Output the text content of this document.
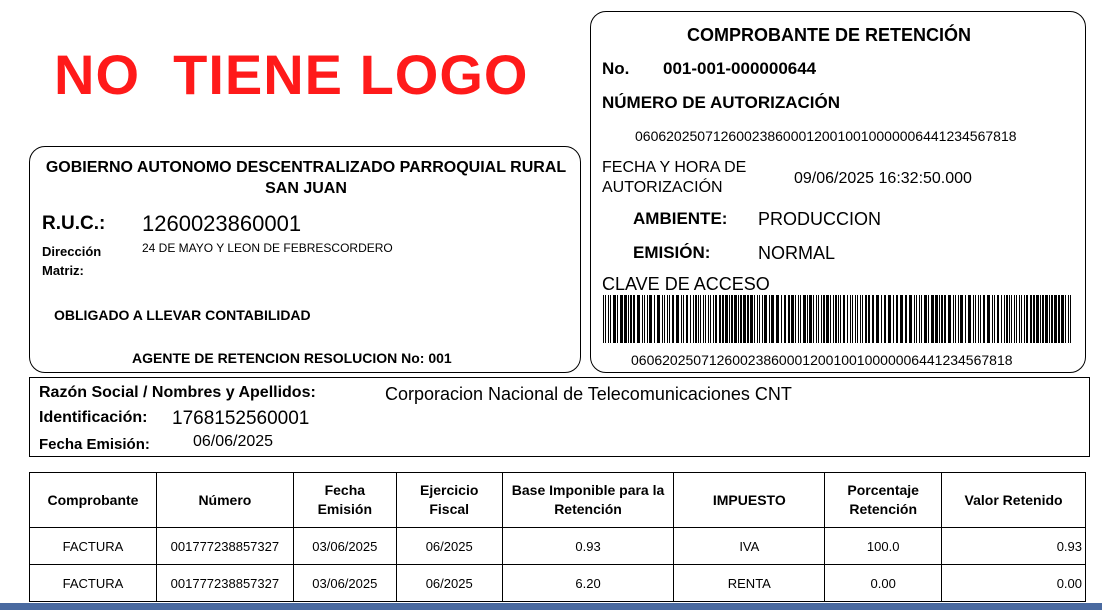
NO  TIENE LOGO
GOBIERNO AUTONOMO DESCENTRALIZADO PARROQUIAL RURAL SAN JUAN
R.U.C.: 1260023860001
Dirección Matriz:
24 DE MAYO Y LEON DE FEBRESCORDERO
OBLIGADO A LLEVAR CONTABILIDAD
AGENTE DE RETENCION RESOLUCION No: 001
COMPROBANTE DE RETENCIÓN
No. 001-001-000000644
NÚMERO DE AUTORIZACIÓN
0606202507126002386000120010010000006441234567818
FECHA Y HORA DE AUTORIZACIÓN
09/06/2025 16:32:50.000
AMBIENTE: PRODUCCION
EMISIÓN:	NORMAL
CLAVE DE ACCESO
0606202507126002386000120010010000006441234567818
Razón Social / Nombres y Apellidos:	Corporacion Nacional de Telecomunicaciones CNT
Identificación: 1768152560001
Fecha Emisión:	06/06/2025
Comprobante	Número	Fecha Emisión	Ejercicio Fiscal	Base Imponible para la Retención	IMPUESTO	Porcentaje Retención	Valor Retenido
FACTURA	001777238857327	03/06/2025	06/2025	0.93	IVA	100.0	0.93
FACTURA	001777238857327	03/06/2025	06/2025	6.20	RENTA	0.00	0.00
